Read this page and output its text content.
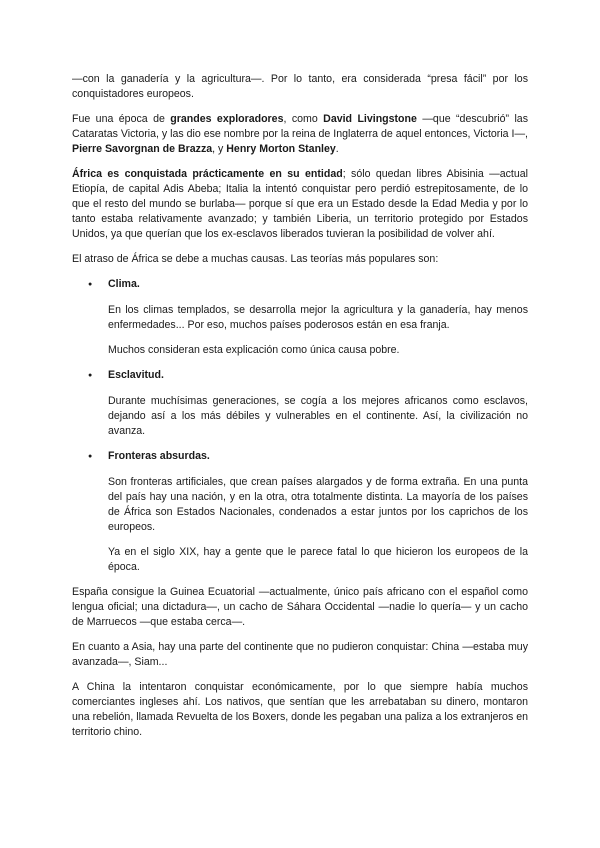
—con la ganadería y la agricultura—. Por lo tanto, era considerada “presa fácil” por los conquistadores europeos.

Fue una época de grandes exploradores, como David Livingstone —que “descubrió” las Cataratas Victoria, y las dio ese nombre por la reina de Inglaterra de aquel entonces, Victoria I—, Pierre Savorgnan de Brazza, y Henry Morton Stanley.

África es conquistada prácticamente en su entidad; sólo quedan libres Abisinia —actual Etiopía, de capital Adis Abeba; Italia la intentó conquistar pero perdió estrepitosamente, de lo que el resto del mundo se burlaba— porque sí que era un Estado desde la Edad Media y por lo tanto estaba relativamente avanzado; y también Liberia, un territorio protegido por Estados Unidos, ya que querían que los ex-esclavos liberados tuvieran la posibilidad de volver ahí.

El atraso de África se debe a muchas causas. Las teorías más populares son:

● Clima.

En los climas templados, se desarrolla mejor la agricultura y la ganadería, hay menos enfermedades... Por eso, muchos países poderosos están en esa franja.

Muchos consideran esta explicación como única causa pobre.

● Esclavitud.

Durante muchísimas generaciones, se cogía a los mejores africanos como esclavos, dejando así a los más débiles y vulnerables en el continente. Así, la civilización no avanza.

● Fronteras absurdas.

Son fronteras artificiales, que crean países alargados y de forma extraña. En una punta del país hay una nación, y en la otra, otra totalmente distinta. La mayoría de los países de África son Estados Nacionales, condenados a estar juntos por los caprichos de los europeos.

Ya en el siglo XIX, hay a gente que le parece fatal lo que hicieron los europeos de la época.

España consigue la Guinea Ecuatorial —actualmente, único país africano con el español como lengua oficial; una dictadura—, un cacho de Sáhara Occidental —nadie lo quería— y un cacho de Marruecos —que estaba cerca—.

En cuanto a Asia, hay una parte del continente que no pudieron conquistar: China —estaba muy avanzada—, Siam...

A China la intentaron conquistar económicamente, por lo que siempre había muchos comerciantes ingleses ahí. Los nativos, que sentían que les arrebataban su dinero, montaron una rebelión, llamada Revuelta de los Boxers, donde les pegaban una paliza a los extranjeros en territorio chino.
